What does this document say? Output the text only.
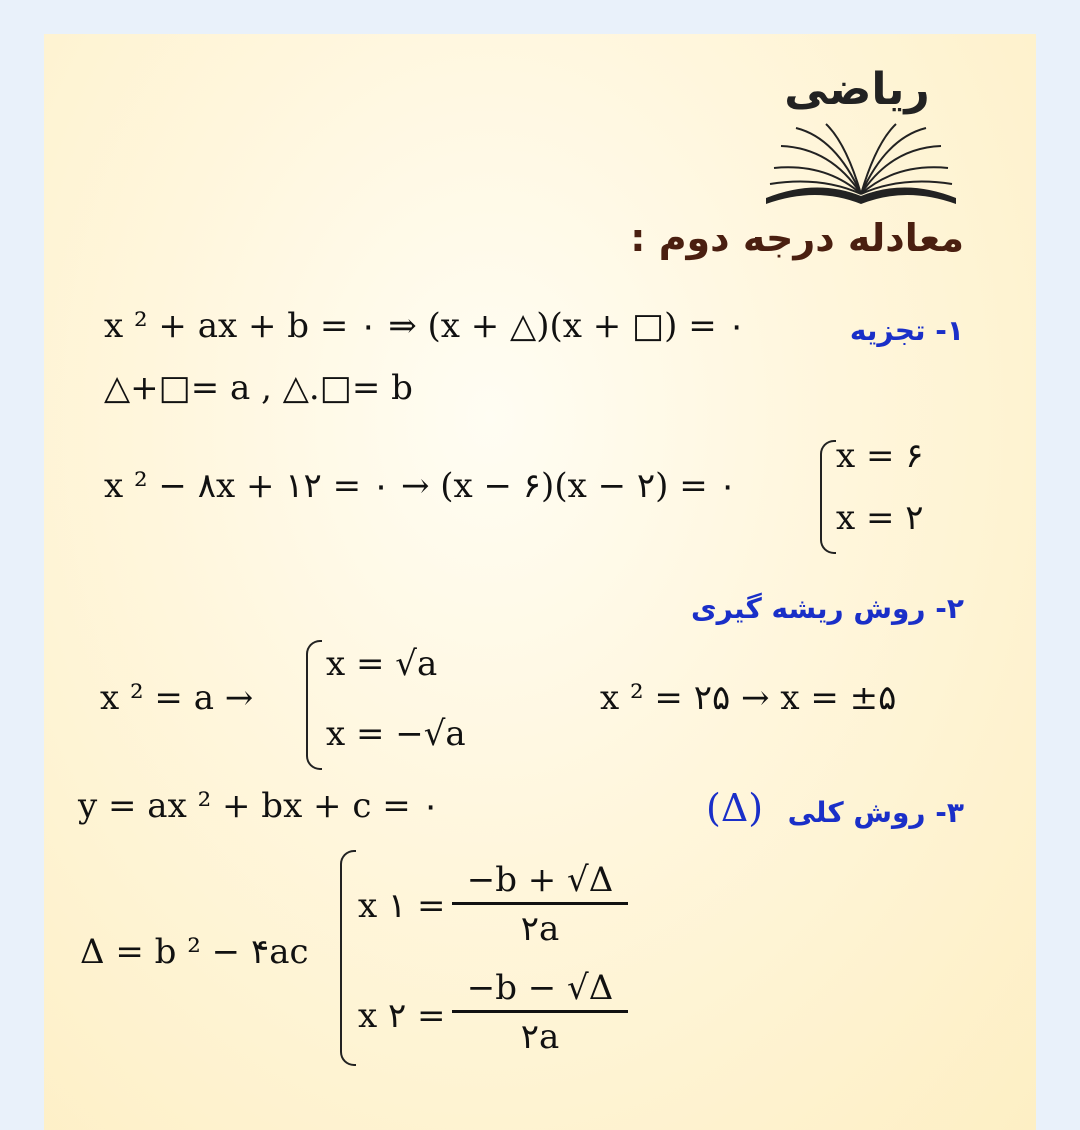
ریاضی
معادله درجه دوم :
۱- تجزیه
x ² + ax + b = ۰ ⇒ (x + △)(x + □) = ۰
△+□= a , △.□= b
x ² − ۸x + ۱۲ = ۰ → (x − ۶)(x − ۲) = ۰
x = ۶
x = ۲
۲- روش ریشه گیری
x ² = a →
x = √a
x = −√a
x ² = ۲۵ → x = ±۵
۳- روش کلی
(Δ)
y = ax ² + bx + c = ۰
Δ = b ² − ۴ac
x ۱ =
−b + √Δ
۲a
x ۲ =
−b − √Δ
۲a
